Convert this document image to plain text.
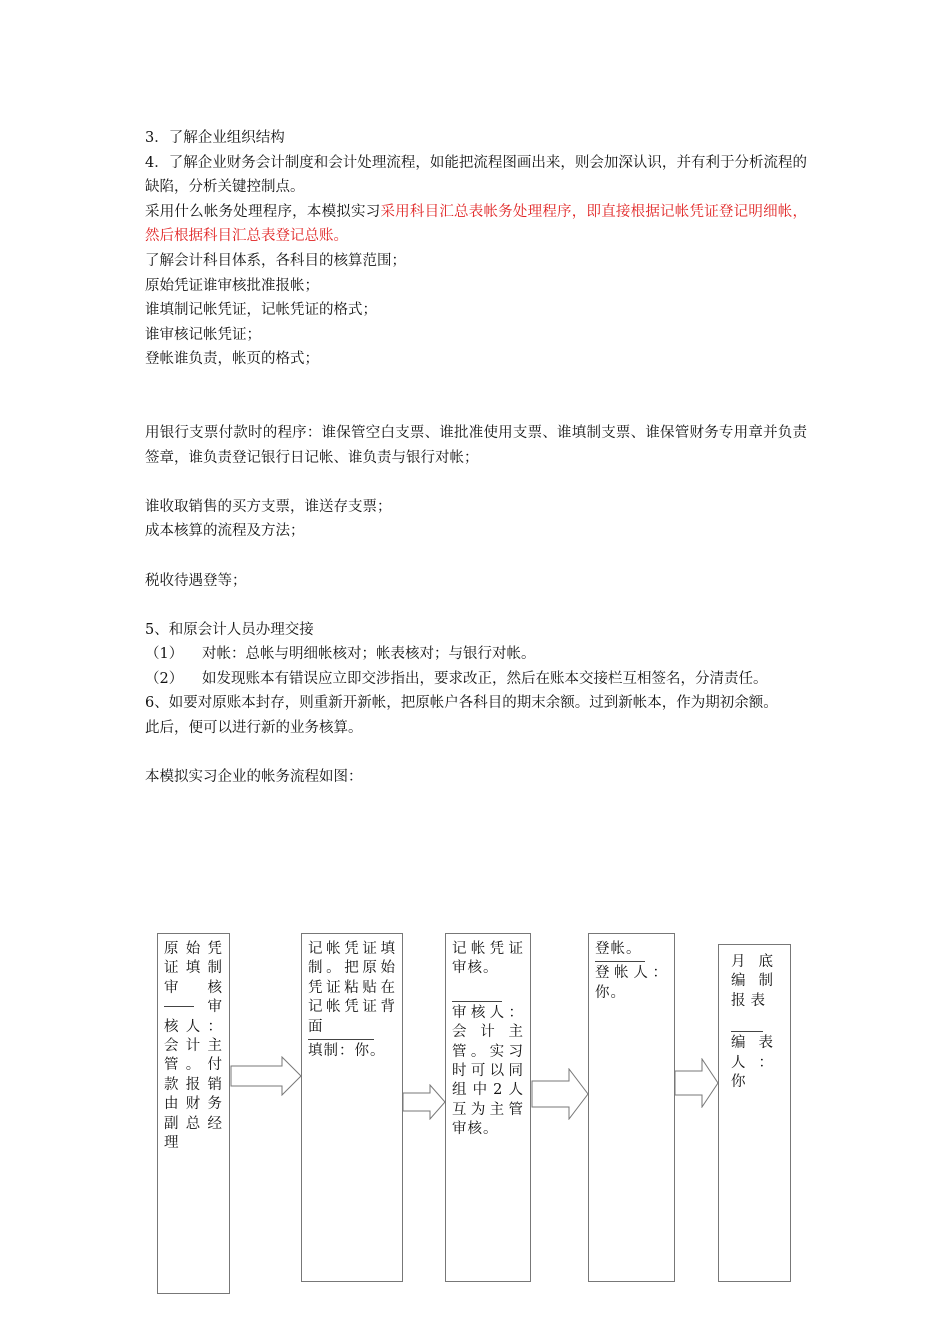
3．了解企业组织结构

4．了解企业财务会计制度和会计处理流程，如能把流程图画出来，则会加深认识，并有利于分析流程的缺陷，分析关键控制点。

采用什么帐务处理程序，本模拟实习采用科目汇总表帐务处理程序，即直接根据记帐凭证登记明细帐，然后根据科目汇总表登记总账。

了解会计科目体系，各科目的核算范围；

原始凭证谁审核批准报帐；

谁填制记帐凭证，记帐凭证的格式；

谁审核记帐凭证；

登帐谁负责，帐页的格式；

用银行支票付款时的程序：谁保管空白支票、谁批准使用支票、谁填制支票、谁保管财务专用章并负责签章，谁负责登记银行日记帐、谁负责与银行对帐；

谁收取销售的买方支票，谁送存支票；

成本核算的流程及方法；

税收待遇登等；

5、和原会计人员办理交接

（1）	对帐：总帐与明细帐核对；帐表核对；与银行对帐。
（2）	如发现账本有错误应立即交涉指出，要求改正，然后在账本交接栏互相签名，分清责任。

6、如要对原账本封存，则重新开新帐，把原帐户各科目的期末余额。过到新帐本，作为期初余额。

此后，便可以进行新的业务核算。

本模拟实习企业的帐务流程如图：

原始凭证填制审核 审核人：会计主管。付款报销由财务副总经理
记帐凭证填制。把原始凭证粘贴在记帐凭证背面
填制：你。
记帐凭证审核。
审核人：会计主管。实习时可以同组中2人互为主管审核。
登帐。
登帐人：你。
月底编制报表
编表人：你
